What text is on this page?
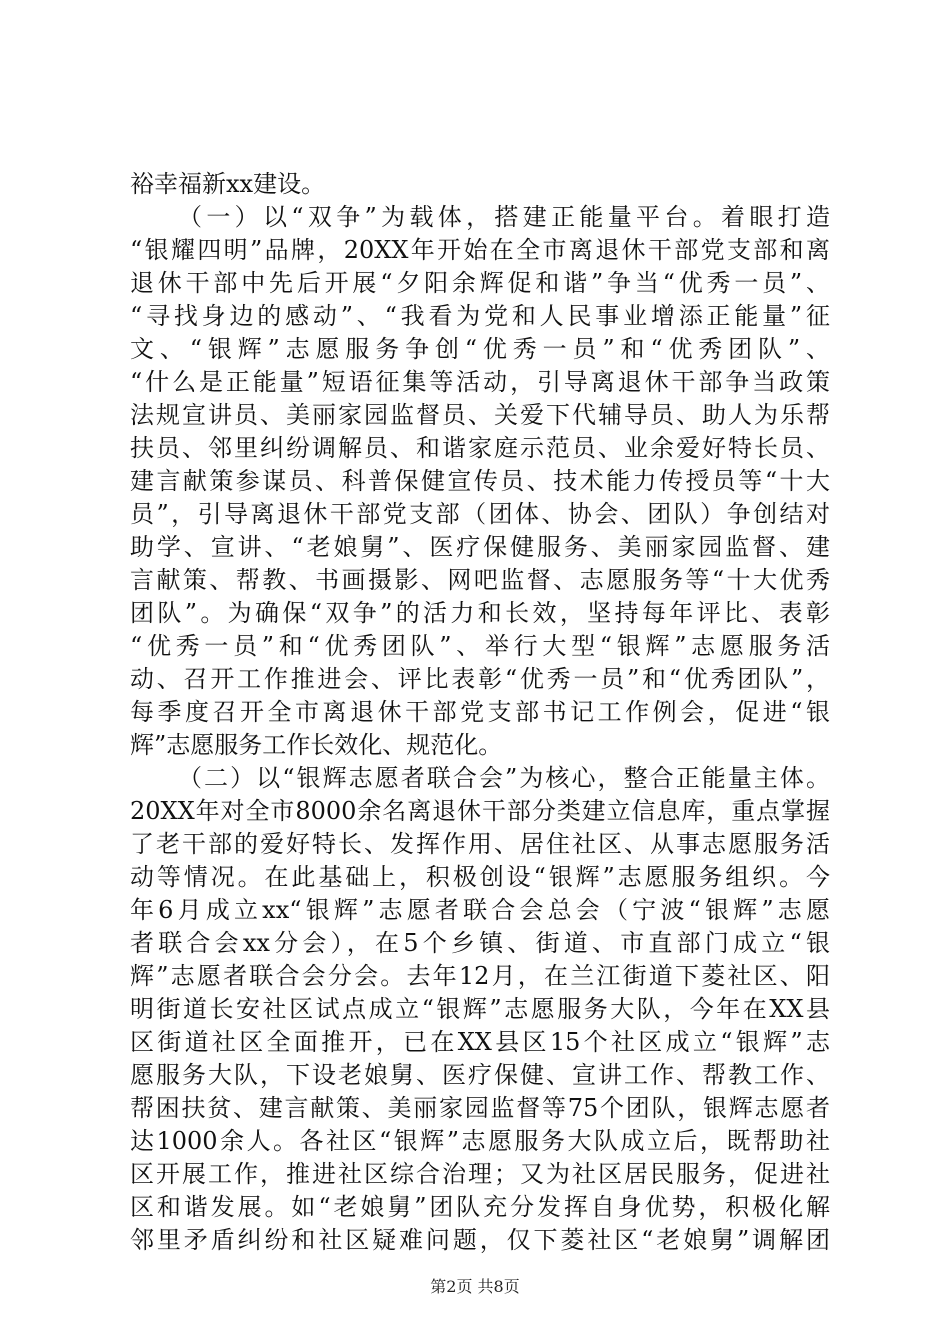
裕幸福新xx建设。
（一）以“双争”为载体，搭建正能量平台。着眼打造
“银耀四明”品牌，20XX年开始在全市离退休干部党支部和离
退休干部中先后开展“夕阳余辉促和谐”争当“优秀一员”、
“寻找身边的感动”、“我看为党和人民事业增添正能量”征
文、“银辉”志愿服务争创“优秀一员”和“优秀团队”、
“什么是正能量”短语征集等活动，引导离退休干部争当政策
法规宣讲员、美丽家园监督员、关爱下代辅导员、助人为乐帮
扶员、邻里纠纷调解员、和谐家庭示范员、业余爱好特长员、
建言献策参谋员、科普保健宣传员、技术能力传授员等“十大
员”，引导离退休干部党支部（团体、协会、团队）争创结对
助学、宣讲、“老娘舅”、医疗保健服务、美丽家园监督、建
言献策、帮教、书画摄影、网吧监督、志愿服务等“十大优秀
团队”。为确保“双争”的活力和长效，坚持每年评比、表彰
“优秀一员”和“优秀团队”、举行大型“银辉”志愿服务活
动、召开工作推进会、评比表彰“优秀一员”和“优秀团队”，
每季度召开全市离退休干部党支部书记工作例会，促进“银
辉”志愿服务工作长效化、规范化。
（二）以“银辉志愿者联合会”为核心，整合正能量主体。
20XX年对全市8000余名离退休干部分类建立信息库，重点掌握
了老干部的爱好特长、发挥作用、居住社区、从事志愿服务活
动等情况。在此基础上，积极创设“银辉”志愿服务组织。今
年6月成立xx“银辉”志愿者联合会总会（宁波“银辉”志愿
者联合会xx分会），在5个乡镇、街道、市直部门成立“银
辉”志愿者联合会分会。去年12月，在兰江街道下菱社区、阳
明街道长安社区试点成立“银辉”志愿服务大队，今年在XX县
区街道社区全面推开，已在XX县区15个社区成立“银辉”志
愿服务大队，下设老娘舅、医疗保健、宣讲工作、帮教工作、
帮困扶贫、建言献策、美丽家园监督等75个团队，银辉志愿者
达1000余人。各社区“银辉”志愿服务大队成立后，既帮助社
区开展工作，推进社区综合治理；又为社区居民服务，促进社
区和谐发展。如“老娘舅”团队充分发挥自身优势，积极化解
邻里矛盾纠纷和社区疑难问题，仅下菱社区“老娘舅”调解团
第2页 共8页
